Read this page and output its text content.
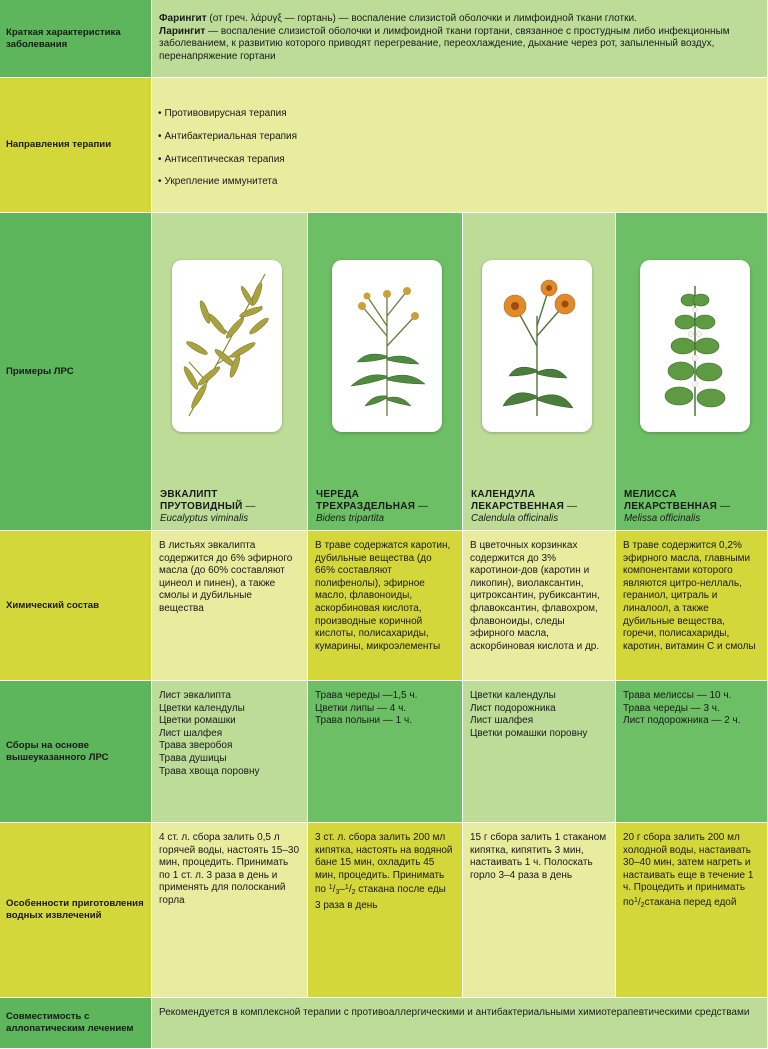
Краткая характеристика заболевания
Фарингит (от греч. λάρυγξ — гортань) — воспаление слизистой оболочки и лимфоидной ткани глотки.
Ларингит — воспаление слизистой оболочки и лимфоидной ткани гортани, связанное с простудным либо инфекционным заболеванием, к развитию которого приводят перегревание, переохлаждение, дыхание через рот, запыленный воздух, перенапряжение гортани
Направления терапии
• Противовирусная терапия
• Антибактериальная терапия
• Антисептическая терапия
• Укрепление иммунитета
Примеры ЛРС
ЭВКАЛИПТ
ПРУТОВИДНЫЙ —
Eucalyptus viminalis
ЧЕРЕДА
ТРЕХРАЗДЕЛЬНАЯ —
Bidens tripartita
КАЛЕНДУЛА
ЛЕКАРСТВЕННАЯ —
Calendula officinalis
МЕЛИССА
ЛЕКАРСТВЕННАЯ —
Melissa officinalis
Химический состав
В листьях эвкалипта содержится до 6% эфирного масла (до 60% составляют цинеол и пинен), а также смолы и дубильные вещества
В траве содержатся каротин, дубильные вещества (до 66% составляют полифенолы), эфирное масло, флавоноиды, аскорбиновая кислота, производные коричной кислоты, полисахариды, кумарины, микроэлементы
В цветочных корзинках содержится до 3% каротинои-дов (каротин и ликопин), виолаксантин, цитроксантин, рубиксантин, флавоксантин, флавохром, флавоноиды, следы эфирного масла, аскорбиновая кислота и др.
В траве содержится 0,2% эфирного масла, главными компонентами которого являются цитро-неллаль, гераниол, цитраль и линалоол, а также дубильные вещества, горечи, полисахариды, каротин, витамин С и смолы
Сборы на основе вышеуказанного ЛРС
Лист эвкалипта
Цветки календулы
Цветки ромашки
Лист шалфея
Трава зверобоя
Трава душицы
Трава хвоща поровну
Трава череды —1,5 ч.
Цветки липы — 4 ч.
Трава полыни — 1 ч.
Цветки календулы
Лист подорожника
Лист шалфея
Цветки ромашки поровну
Трава мелиссы — 10 ч.
Трава череды — 3 ч.
Лист подорожника — 2 ч.
Особенности приготовления водных извлечений
4 ст. л. сбора залить 0,5 л горячей воды, настоять 15–30 мин, процедить. Принимать по 1 ст. л. 3 раза в день и применять для полосканий горла
3 ст. л. сбора залить 200 мл кипятка, настоять на водяной бане 15 мин, охладить 45 мин, процедить. Принимать по $^1/_3-^1/_2$ стакана после еды 3 раза в день
15 г сбора залить 1 стаканом кипятка, кипятить 3 мин, настаивать 1 ч. Полоскать горло 3–4 раза в день
20 г сбора залить 200 мл холодной воды, настаивать 30–40 мин, затем нагреть и настаивать еще в течение 1 ч. Процедить и принимать $по^1/_2стакана$ перед едой
Совместимость с аллопатическим лечением
Рекомендуется в комплексной терапии с противоаллергическими и антибактериальными химиотерапевтическими средствами
